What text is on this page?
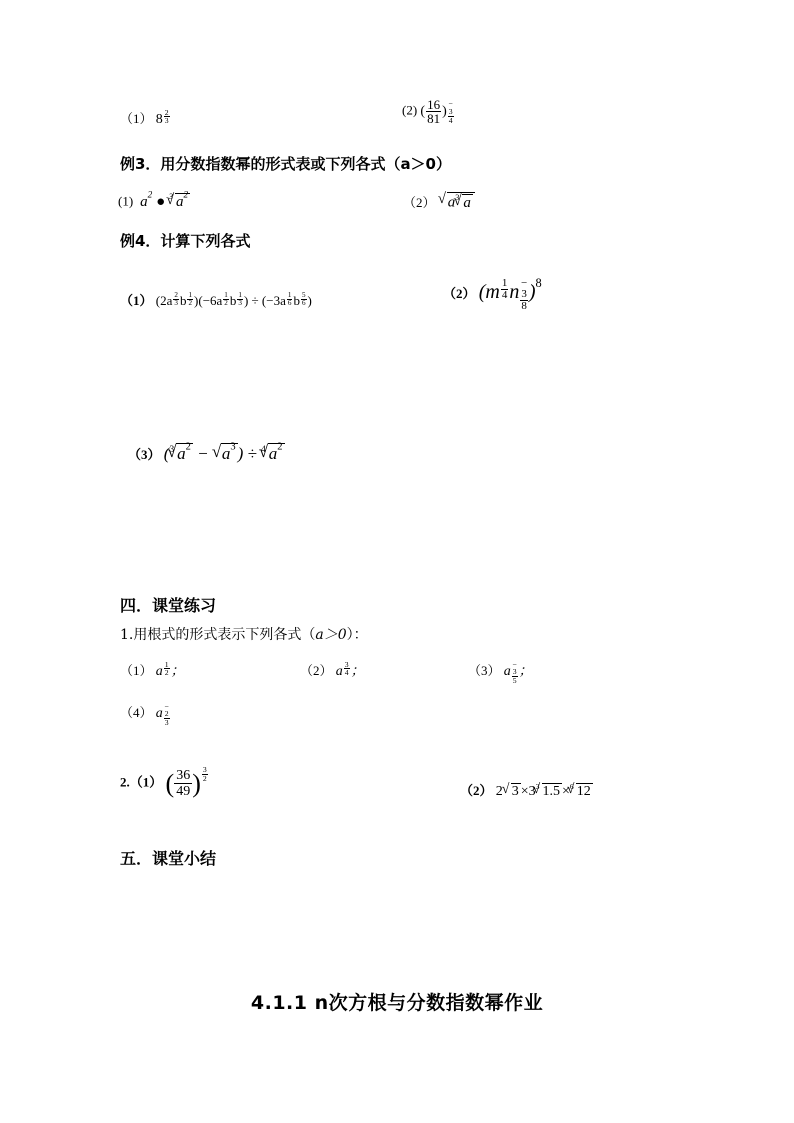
（1） $8 \frac{2}{3}$	(2) ( $\frac{16}{81}$ ) −
3
4
例3．用分数指数幂的形式表或下列各式（a＞0）
(1)  $a^2$ ● $^3$√ $a^2$	（2） √ $a^3√$ a
例4．计算下列各式
（1） ($2a \frac{2}{3}$ b $\frac{1}{2} )(-6a \frac{1}{2}$ b $\frac{1}{3}$ ) ÷ ($-3a \frac{1}{6}$ b $\frac{5}{6}$ )	（2） ($m \frac{1}{4}$ n −
3
8
)$^8$
（3） ($^3$√ $a^2$ − √ $a^3$ ) ÷ $^4$√ $a^2$
四．课堂练习
1.用根式的形式表示下列各式（a＞0）：
（1） a $\frac{1}{2}$ ；	（2） a $\frac{3}{4}$ ；	（3） a −
3
5
；
（4） a −
2
3
2.（1） ( $\frac{36}{49}$ ) $\frac{3}{2}$
（2） 2√ $3 \times 3^3√$ 1.5 ×$^6$√ 12
五．课堂小结
4.1.1 n次方根与分数指数幂作业
